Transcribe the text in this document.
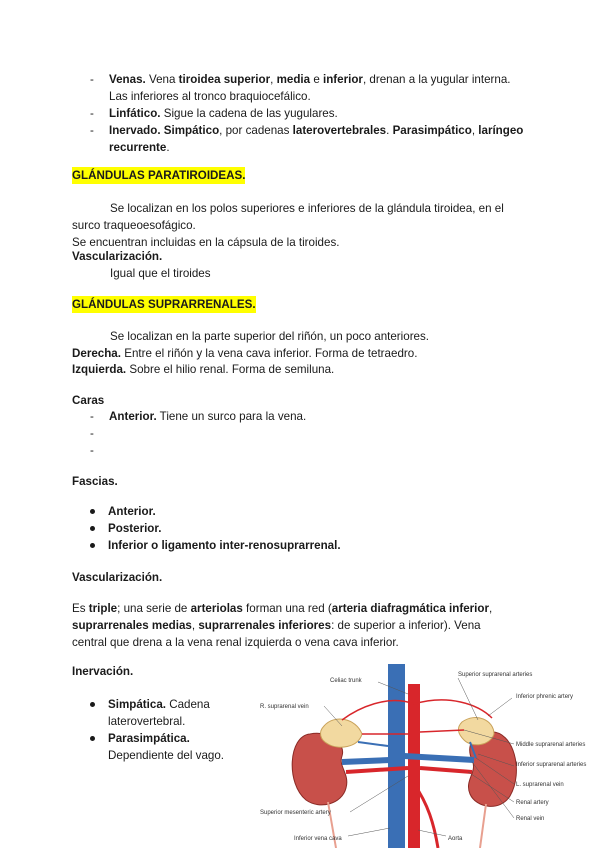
- Venas. Vena tiroidea superior, media e inferior, drenan a la yugular interna. Las inferiores al tronco braquiocefálico.
- Linfático. Sigue la cadena de las yugulares.
- Inervado. Simpático, por cadenas laterovertebrales. Parasimpático, laríngeo recurrente.
GLÁNDULAS PARATIROIDEAS.
Se localizan en los polos superiores e inferiores de la glándula tiroidea, en el surco traqueoesofágico.
Se encuentran incluidas en la cápsula de la tiroides.
Vascularización.
Igual que el tiroides
GLÁNDULAS SUPRARRENALES.
Se localizan en la parte superior del riñón, un poco anteriores.
Derecha. Entre el riñón y la vena cava inferior. Forma de tetraedro.
Izquierda. Sobre el hilio renal. Forma de semiluna.
Caras
- Anterior. Tiene un surco para la vena.
-
-
Fascias.
Anterior.
Posterior.
Inferior o ligamento inter-renosuprarrenal.
Vascularización.
Es triple; una serie de arteriolas forman una red (arteria diafragmática inferior, suprarrenales medias, suprarrenales inferiores: de superior a inferior). Vena central que drena a la vena renal izquierda o vena cava inferior.
Inervación.
Simpática. Cadena laterovertebral.
Parasimpática. Dependiente del vago.
Celiac trunk
R. suprarenal vein
Superior suprarenal arteries
Inferior phrenic artery
Middle suprarenal arteries
Inferior suprarenal arteries
L. suprarenal vein
Renal artery
Renal vein
Superior mesenteric artery
Inferior vena cava	Aorta
